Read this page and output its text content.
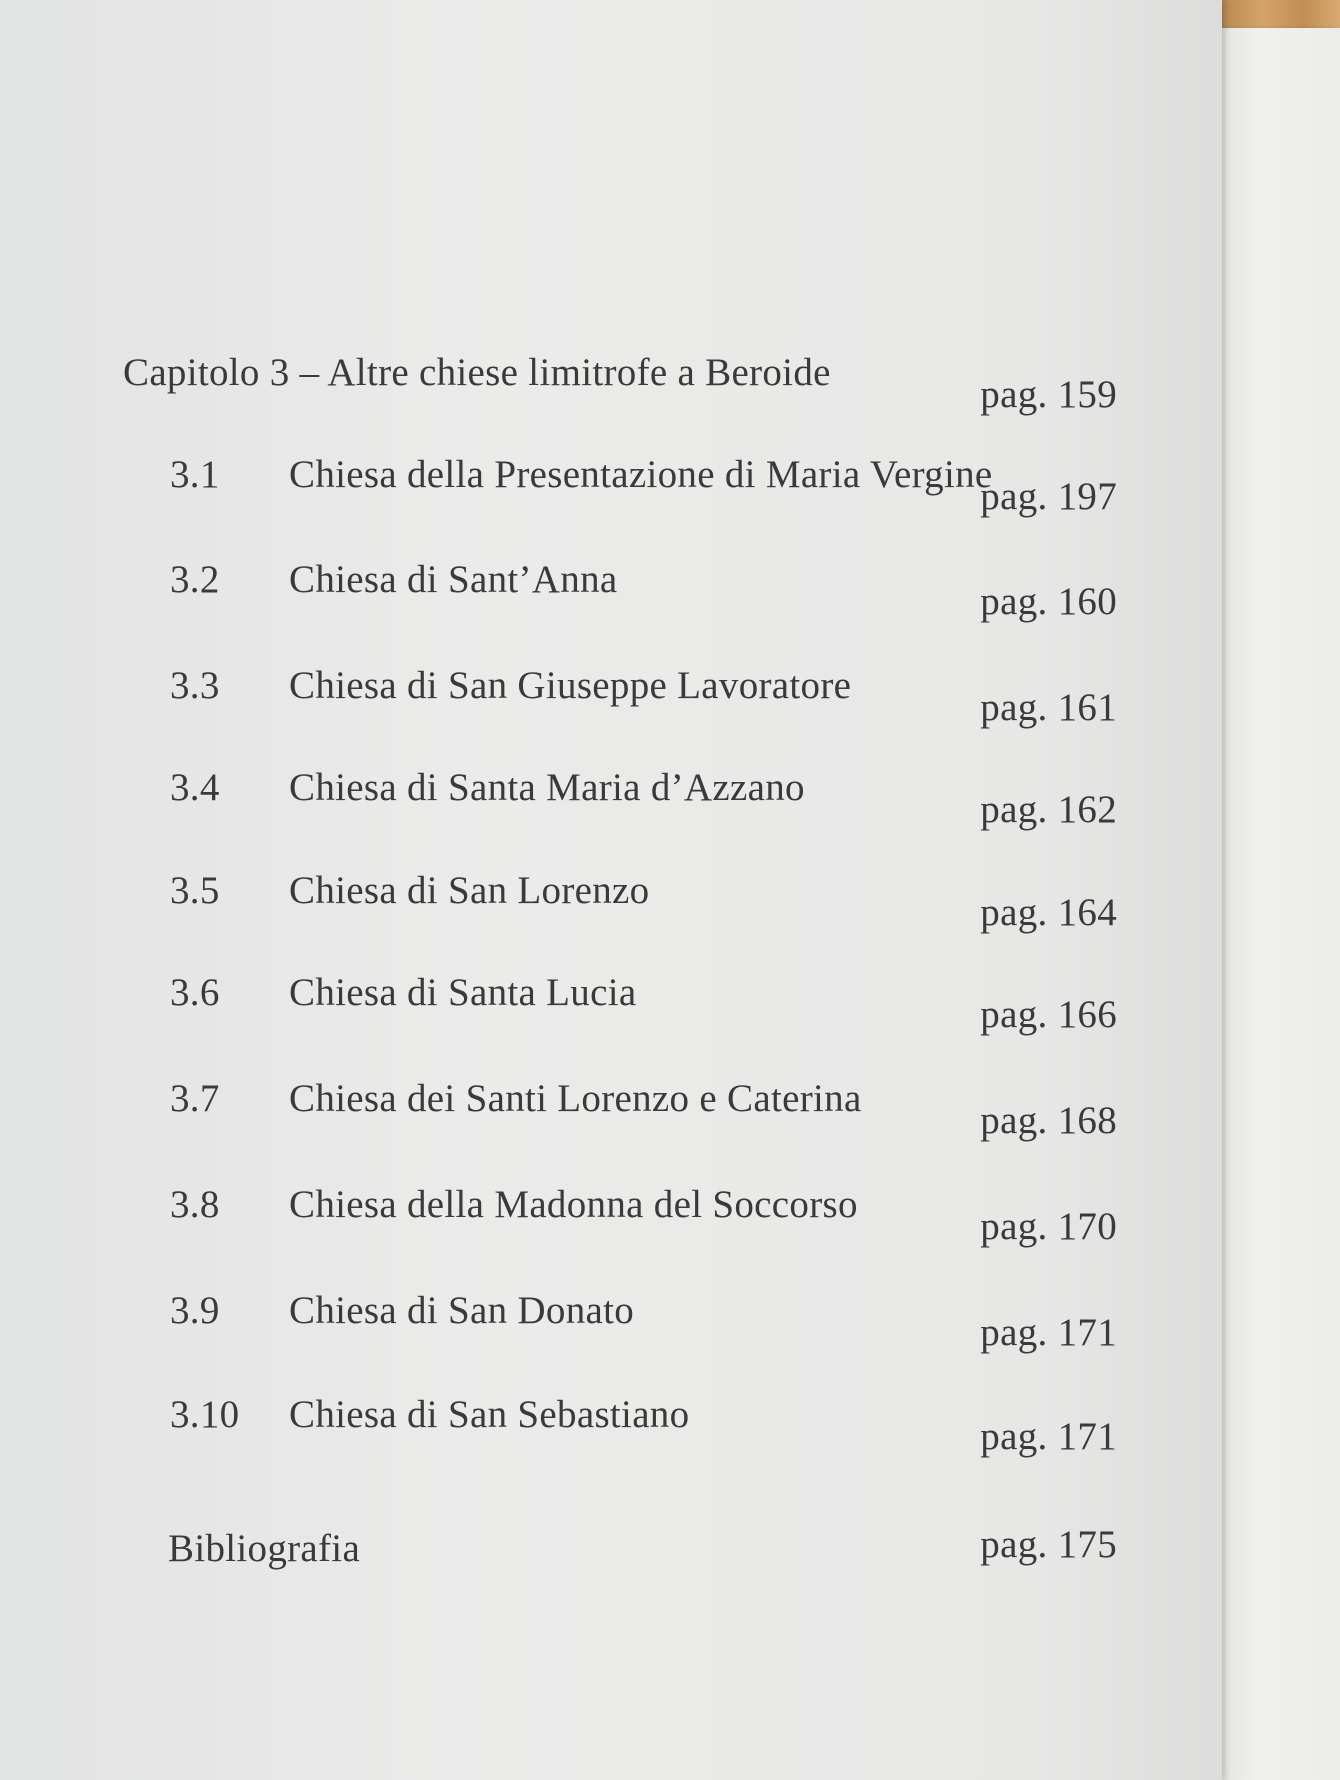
Capitolo 3 – Altre chiese limitrofe a Beroide
pag. 159
3.1 Chiesa della Presentazione di Maria Vergine
pag. 197
3.2 Chiesa di Sant’Anna
pag. 160
3.3 Chiesa di San Giuseppe Lavoratore
pag. 161
3.4 Chiesa di Santa Maria d’Azzano
pag. 162
3.5 Chiesa di San Lorenzo
pag. 164
3.6 Chiesa di Santa Lucia
pag. 166
3.7 Chiesa dei Santi Lorenzo e Caterina
pag. 168
3.8 Chiesa della Madonna del Soccorso
pag. 170
3.9 Chiesa di San Donato
pag. 171
3.10 Chiesa di San Sebastiano
pag. 171
Bibliografia	pag. 175
